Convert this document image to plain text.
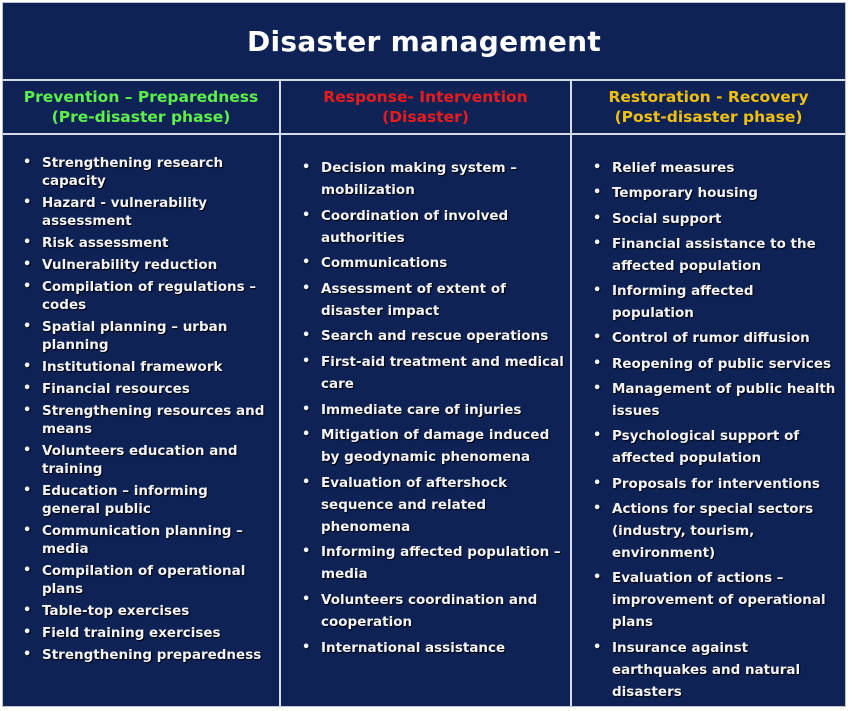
Disaster management
Prevention – Preparedness
(Pre-disaster phase)
• Strengthening research capacity
• Hazard - vulnerability assessment
• Risk assessment
• Vulnerability reduction
• Compilation of regulations – codes
• Spatial planning – urban planning
• Institutional framework
• Financial resources
• Strengthening resources and means
• Volunteers education and training
• Education – informing general public
• Communication planning – media
• Compilation of operational plans
• Table-top exercises
• Field training exercises
• Strengthening preparedness
Response- Intervention
(Disaster)
• Decision making system – mobilization
• Coordination of involved authorities
• Communications
• Assessment of extent of disaster impact
• Search and rescue operations
• First-aid treatment and medical care
• Immediate care of injuries
• Mitigation of damage induced by geodynamic phenomena
• Evaluation of aftershock sequence and related phenomena
• Informing affected population – media
• Volunteers coordination and cooperation
• International assistance
Restoration - Recovery
(Post-disaster phase)
• Relief measures
• Temporary housing
• Social support
• Financial assistance to the affected population
• Informing affected population
• Control of rumor diffusion
• Reopening of public services
• Management of public health issues
• Psychological support of affected population
• Proposals for interventions
• Actions for special sectors (industry, tourism, environment)
• Evaluation of actions – improvement of operational plans
• Insurance against earthquakes and natural disasters
